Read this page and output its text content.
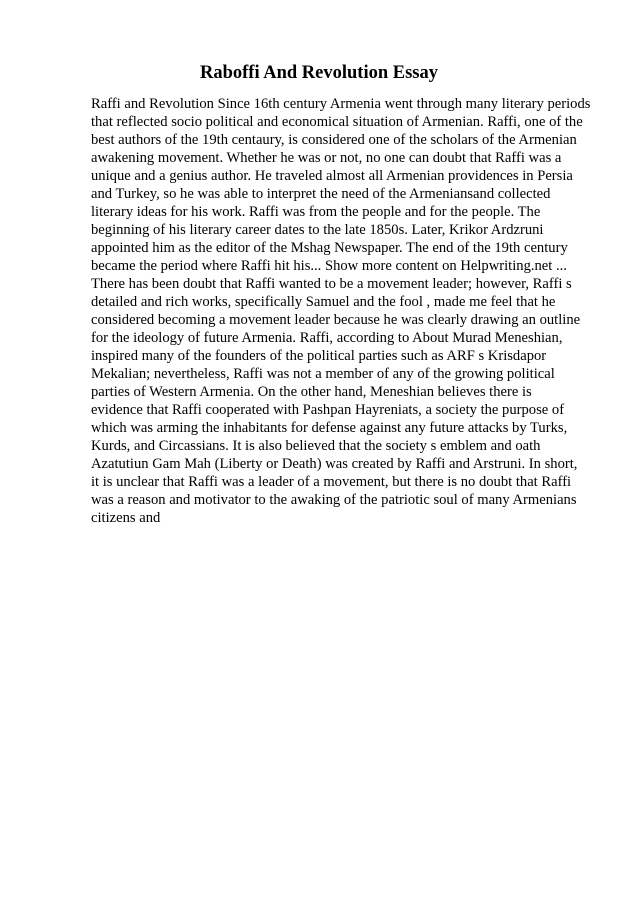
Raboffi And Revolution Essay

Raffi and Revolution Since 16th century Armenia went through many literary periods
that reflected socio political and economical situation of Armenian. Raffi, one of the
best authors of the 19th centaury, is considered one of the scholars of the Armenian
awakening movement. Whether he was or not, no one can doubt that Raffi was a
unique and a genius author. He traveled almost all Armenian providences in Persia
and Turkey, so he was able to interpret the need of the Armeniansand collected
literary ideas for his work. Raffi was from the people and for the people. The
beginning of his literary career dates to the late 1850s. Later, Krikor Ardzruni
appointed him as the editor of the Mshag Newspaper. The end of the 19th century
became the period where Raffi hit his... Show more content on Helpwriting.net ...
There has been doubt that Raffi wanted to be a movement leader; however, Raffi s
detailed and rich works, specifically Samuel and the fool , made me feel that he
considered becoming a movement leader because he was clearly drawing an outline
for the ideology of future Armenia. Raffi, according to About Murad Meneshian,
inspired many of the founders of the political parties such as ARF s Krisdapor
Mekalian; nevertheless, Raffi was not a member of any of the growing political
parties of Western Armenia. On the other hand, Meneshian believes there is
evidence that Raffi cooperated with Pashpan Hayreniats, a society the purpose of
which was arming the inhabitants for defense against any future attacks by Turks,
Kurds, and Circassians. It is also believed that the society s emblem and oath
Azatutiun Gam Mah (Liberty or Death) was created by Raffi and Arstruni. In short,
it is unclear that Raffi was a leader of a movement, but there is no doubt that Raffi
was a reason and motivator to the awaking of the patriotic soul of many Armenians
citizens and
